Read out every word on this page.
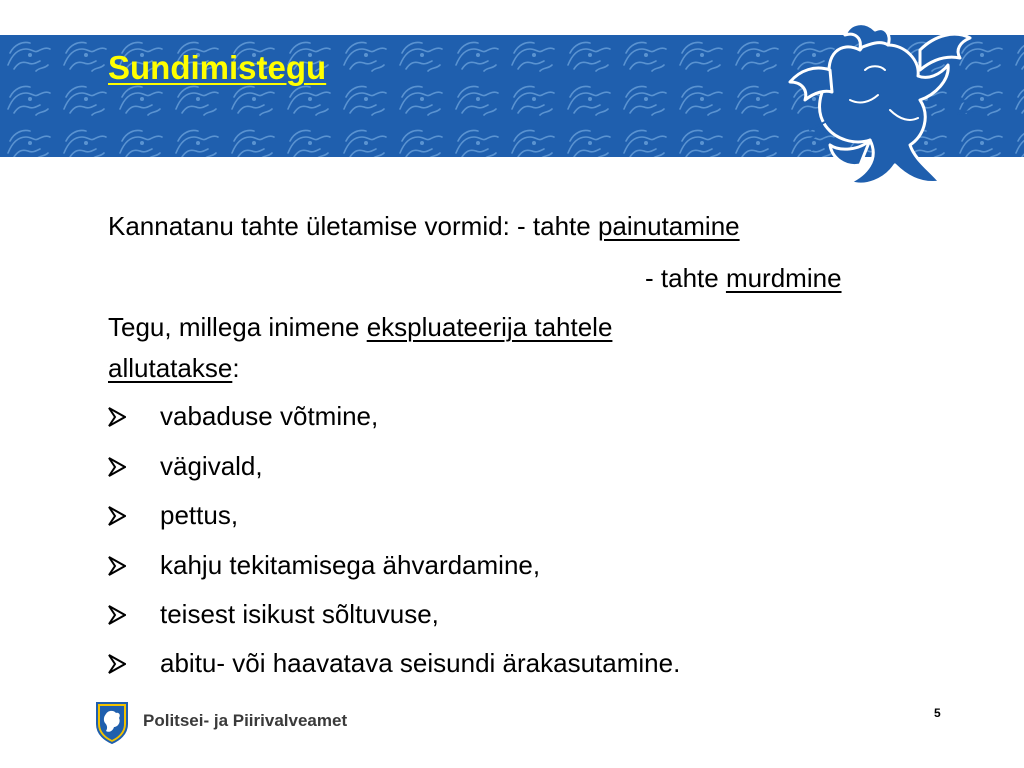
Sundimistegu
Kannatanu tahte ületamise vormid: - tahte painutamine
- tahte murdmine
Tegu, millega inimene ekspluateerija tahtele
allutatakse:
vabaduse võtmine,
vägivald,
pettus,
kahju tekitamisega ähvardamine,
teisest isikust sõltuvuse,
abitu- või haavatava seisundi ärakasutamine.
Politsei- ja Piirivalveamet	5
